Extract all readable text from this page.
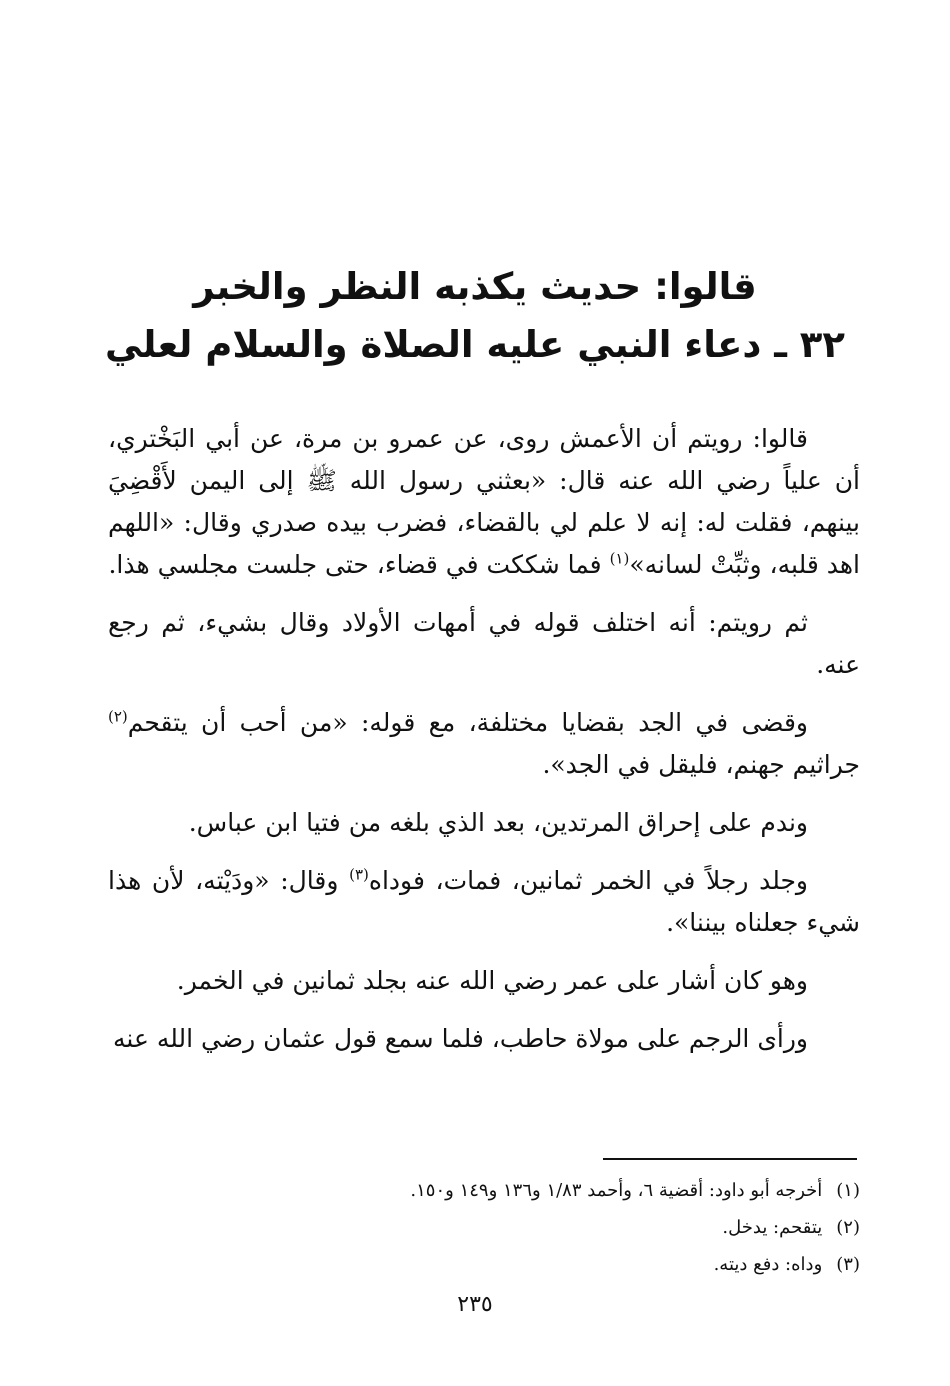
قالوا: حديث يكذبه النظر والخبر

٣٢ ـ دعاء النبي عليه الصلاة والسلام لعلي

قالوا: رويتم أن الأعمش روى، عن عمرو بن مرة، عن أبي البَخْتري، أن علياً رضي الله عنه قال: «بعثني رسول الله ﷺ إلى اليمن لأَقْضِيَ بينهم، فقلت له: إنه لا علم لي بالقضاء، فضرب بيده صدري وقال: «اللهم اهد قلبه، وثبِّتْ لسانه»$^{(١)}$ فما شككت في قضاء، حتى جلست مجلسي هذا.

ثم رويتم: أنه اختلف قوله في أمهات الأولاد وقال بشيء، ثم رجع عنه.

وقضى في الجد بقضايا مختلفة، مع قوله: «من أحب أن يتقحم$^{(٢)}$ جراثيم جهنم، فليقل في الجد».

وندم على إحراق المرتدين، بعد الذي بلغه من فتيا ابن عباس.

وجلد رجلاً في الخمر ثمانين، فمات، فوداه$^{(٣)}$ وقال: «ودَيْته، لأن هذا شيء جعلناه بيننا».

وهو كان أشار على عمر رضي الله عنه بجلد ثمانين في الخمر.

ورأى الرجم على مولاة حاطب، فلما سمع قول عثمان رضي الله عنه

(١)أخرجه أبو داود: أقضية ٦، وأحمد ١/٨٣ و١٣٦ و١٤٩ و١٥٠.

(٢)يتقحم: يدخل.

(٣)وداه: دفع ديته.

٢٣٥
